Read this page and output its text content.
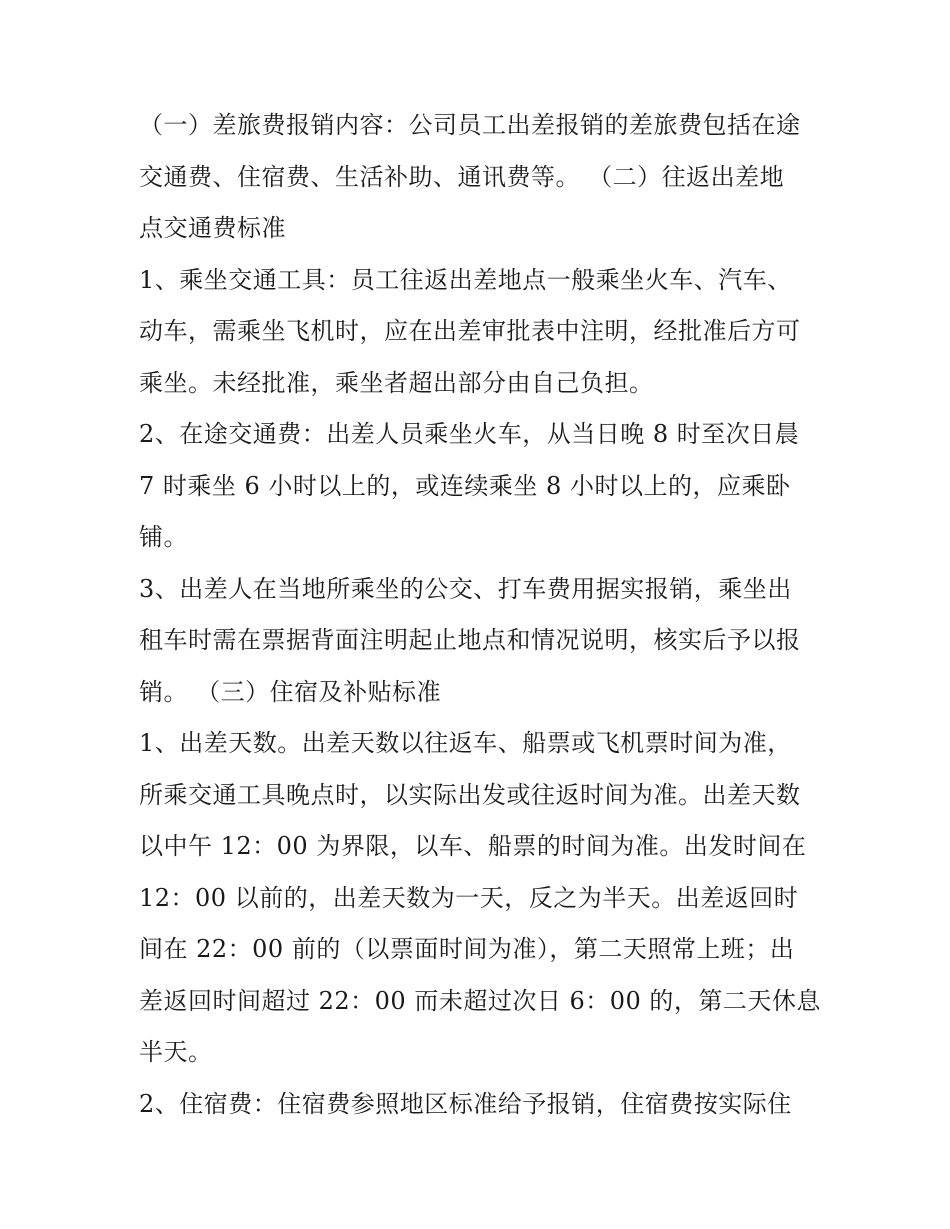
（一）差旅费报销内容：公司员工出差报销的差旅费包括在途
交通费、住宿费、生活补助、通讯费等。 （二）往返出差地
点交通费标准
1、乘坐交通工具：员工往返出差地点一般乘坐火车、汽车、
动车，需乘坐飞机时，应在出差审批表中注明，经批准后方可
乘坐。未经批准，乘坐者超出部分由自己负担。
2、在途交通费：出差人员乘坐火车，从当日晚 8 时至次日晨
7 时乘坐 6 小时以上的，或连续乘坐 8 小时以上的，应乘卧
铺。
3、出差人在当地所乘坐的公交、打车费用据实报销，乘坐出
租车时需在票据背面注明起止地点和情况说明，核实后予以报
销。 （三）住宿及补贴标准
1、出差天数。出差天数以往返车、船票或飞机票时间为准，
所乘交通工具晚点时，以实际出发或往返时间为准。出差天数
以中午 12：00 为界限，以车、船票的时间为准。出发时间在
12：00 以前的，出差天数为一天，反之为半天。出差返回时
间在 22：00 前的（以票面时间为准），第二天照常上班；出
差返回时间超过 22：00 而未超过次日 6：00 的，第二天休息
半天。
2、住宿费：住宿费参照地区标准给予报销，住宿费按实际住
